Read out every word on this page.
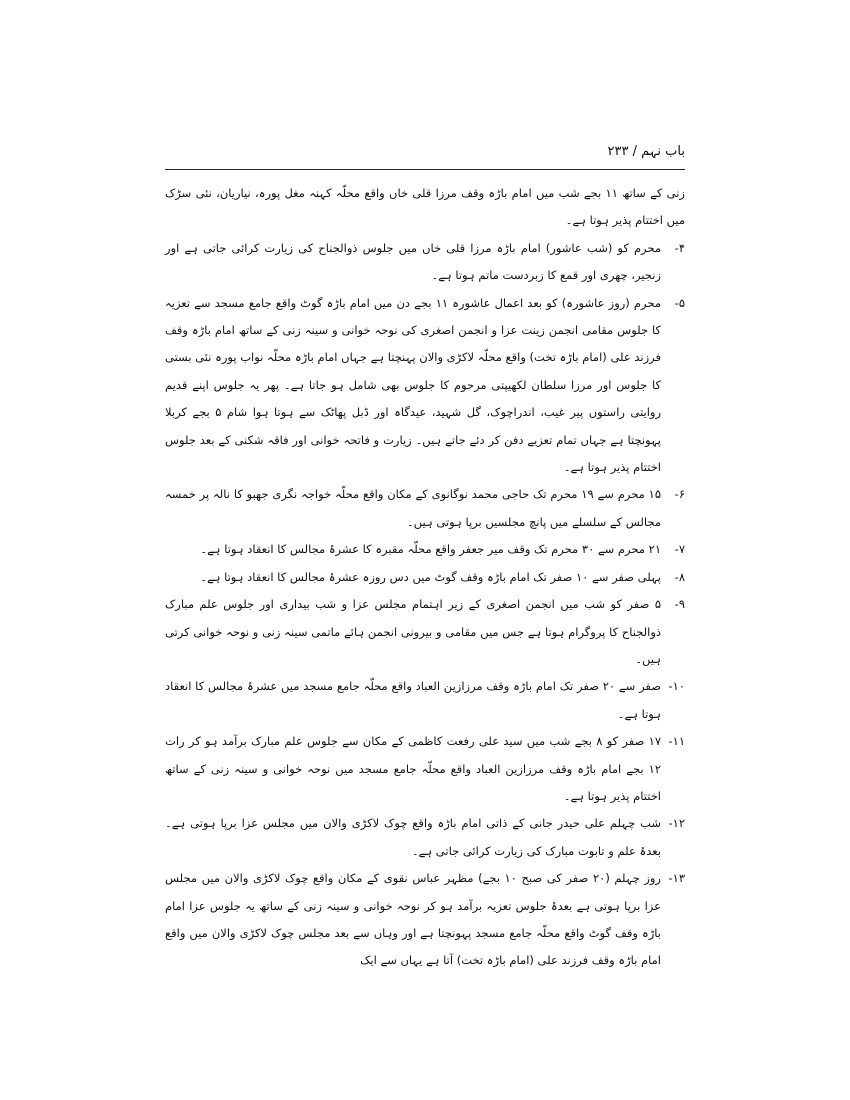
باب نہم / ۲۳۳

زنی کے ساتھ ۱۱ بجے شب میں امام باڑہ وقف مرزا قلی خاں واقع محلّہ کہنہ مغل پورہ، نیاریان، نئی سڑک میں اختتام پذیر ہوتا ہے۔

۴-
محرم کو (شب عاشور) امام باڑہ مرزا قلی خاں میں جلوس ذوالجناح کی زیارت کرائی جاتی ہے اور زنجیر، چھری اور قمع کا زبردست ماتم ہوتا ہے۔
۵-
محرم (روز عاشورہ) کو بعد اعمال عاشورہ ۱۱ بجے دن میں امام باڑہ گوٹ واقع جامع مسجد سے تعزیہ کا جلوس مقامی انجمن زینت عزا و انجمن اصغری کی نوحہ خوانی و سینہ زنی کے ساتھ امام باڑہ وقف فرزند علی (امام باڑہ تخت) واقع محلّہ لاکڑی والان پہنچتا ہے جہاں امام باڑہ محلّہ نواب پورہ نئی بستی کا جلوس اور مرزا سلطان لکھیپتی مرحوم کا جلوس بھی شامل ہو جاتا ہے۔ پھر یہ جلوس اپنے قدیم روایتی راستوں پیر غیب، اندراچوک، گل شہید، عیدگاہ اور ڈبل پھاٹک سے ہوتا ہوا شام ۵ بجے کربلا پہونچتا ہے جہاں تمام تعزیے دفن کر دئے جاتے ہیں۔ زیارت و فاتحہ خوانی اور فاقہ شکنی کے بعد جلوس اختتام پذیر ہوتا ہے۔
۶-
۱۵ محرم سے ۱۹ محرم تک حاجی محمد نوگانوی کے مکان واقع محلّہ خواجہ نگری جھبو کا نالہ پر خمسہ مجالس کے سلسلے میں پانچ مجلسیں برپا ہوتی ہیں۔
۷-
۲۱ محرم سے ۳۰ محرم تک وقف میر جعفر واقع محلّہ مقبرہ کا عشرۂ مجالس کا انعقاد ہوتا ہے۔
۸-
پہلی صفر سے ۱۰ صفر تک امام باڑہ وقف گوٹ میں دس روزہ عشرۂ مجالس کا انعقاد ہوتا ہے۔
۹-
۵ صفر کو شب میں انجمن اصغری کے زیر اہتمام مجلس عزا و شب بیداری اور جلوس علم مبارک ذوالجناح کا پروگرام ہوتا ہے جس میں مقامی و بیرونی انجمن ہائے ماتمی سینہ زنی و نوحہ خوانی کرتی ہیں۔
۱۰-
صفر سے ۲۰ صفر تک امام باڑہ وقف مرزازین العباد واقع محلّہ جامع مسجد میں عشرۂ مجالس کا انعقاد ہوتا ہے۔
۱۱-
۱۷ صفر کو ۸ بجے شب میں سید علی رفعت کاظمی کے مکان سے جلوس علم مبارک برآمد ہو کر رات ۱۲ بجے امام باڑہ وقف مرزازین العباد واقع محلّہ جامع مسجد میں نوحہ خوانی و سینہ زنی کے ساتھ اختتام پذیر ہوتا ہے۔
۱۲-
شب چہلم علی حیدر جانی کے ذاتی امام باڑہ واقع چوک لاکڑی والان میں مجلس عزا برپا ہوتی ہے۔ بعدۂ علم و تابوت مبارک کی زیارت کرائی جاتی ہے۔
۱۳-
روز چہلم (۲۰ صفر کی صبح ۱۰ بجے) مظہر عباس نقوی کے مکان واقع چوک لاکڑی والان میں مجلس عزا برپا ہوتی ہے بعدۂ جلوس تعزیہ برآمد ہو کر نوحہ خوانی و سینہ زنی کے ساتھ یہ جلوس عزا امام باڑہ وقف گوٹ واقع محلّہ جامع مسجد پہونچتا ہے اور وہاں سے بعد مجلس چوک لاکڑی والان میں واقع امام باڑہ وقف فرزند علی (امام باڑہ تخت) آتا ہے یہاں سے ایک
